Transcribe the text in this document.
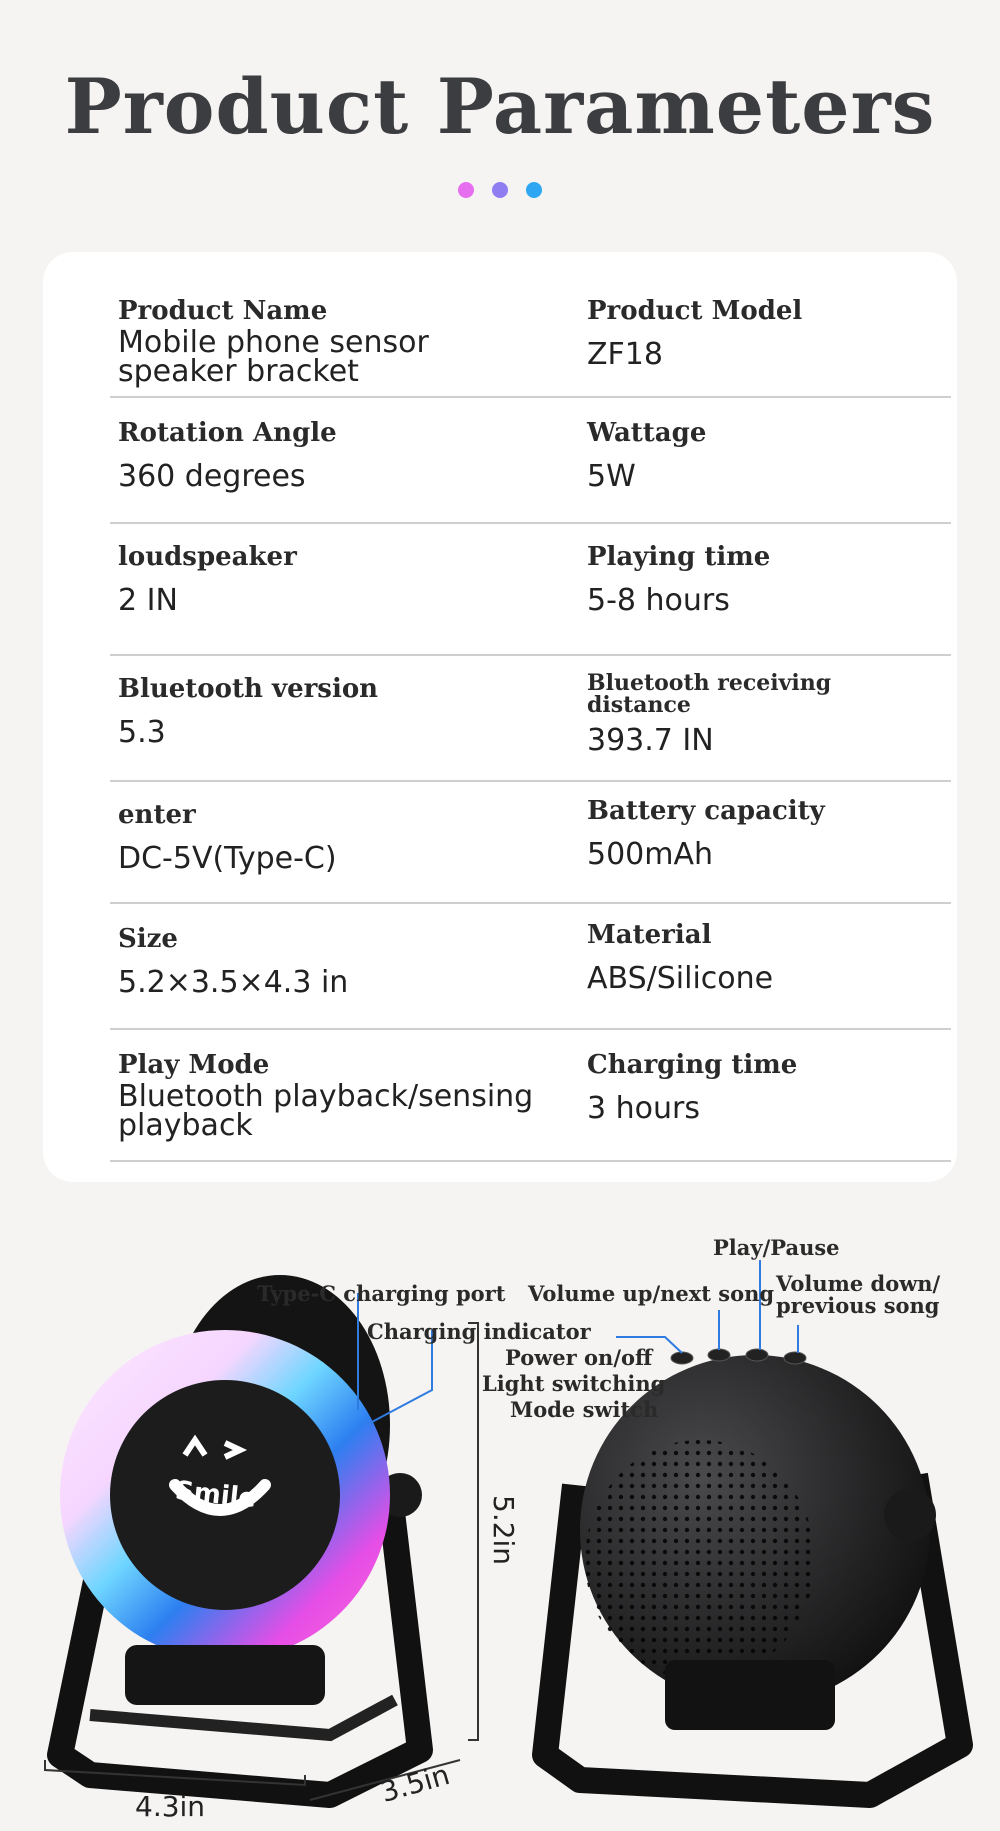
Product Parameters

Product Name
Mobile phone sensor
speaker bracket
Product Model
ZF18
Rotation Angle
360 degrees
Wattage
5W
loudspeaker
2 IN
Playing time
5-8 hours
Bluetooth version
5.3
Bluetooth receiving
distance
393.7 IN
enter
DC-5V(Type-C)
Battery capacity
500mAh
Size
5.2×3.5×4.3 in
Material
ABS/Silicone
Play Mode
Bluetooth playback/sensing
playback
Charging time
3 hours
Play/Pause
Type-C charging port Volume up/next song Volume down/
previous song
Charging indicator
Power on/off
Light switching
Mode switch
Smile	5.2in
4.3in	3.5in
